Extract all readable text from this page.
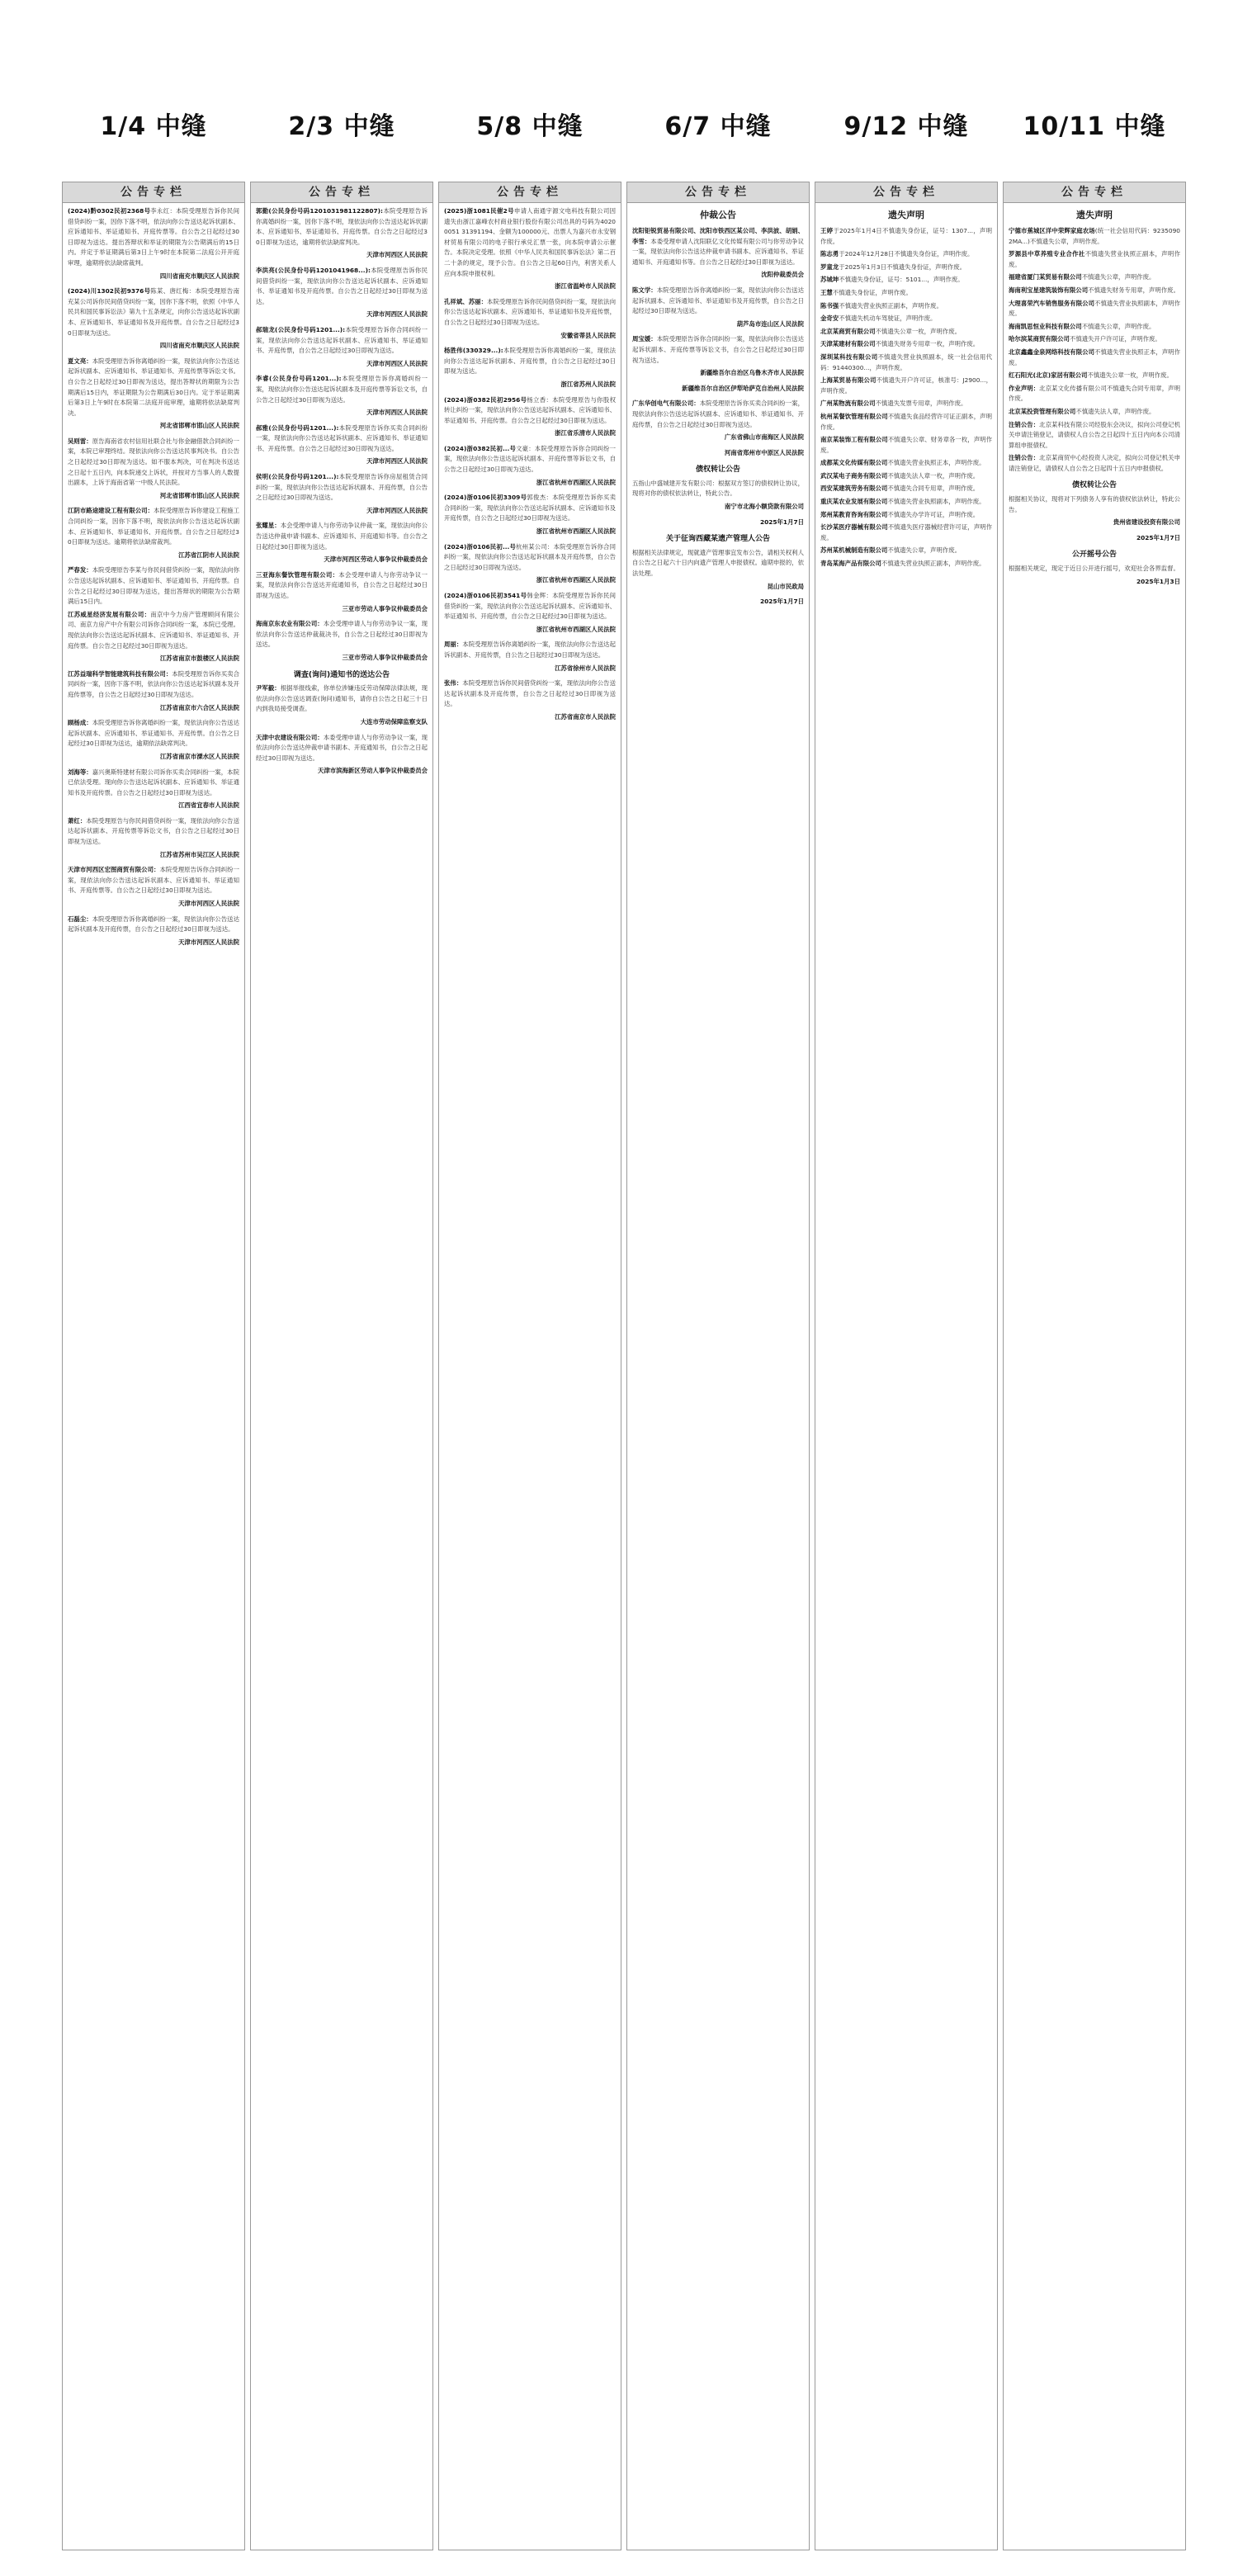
1/4 中缝
公告专栏

(2024)黔0302民初2368号李永红：本院受理原告诉你民间借贷纠纷一案，因你下落不明，依法向你公告送达起诉状副本、应诉通知书、举证通知书、开庭传票等。自公告之日起经过30日即视为送达。提出答辩状和举证的期限为公告期满后的15日内。并定于举证期满后第3日上午9时在本院第二法庭公开开庭审理，逾期将依法缺席裁判。

四川省南充市顺庆区人民法院

(2024)川1302民初9376号陈某、唐红梅：本院受理原告南充某公司诉你民间借贷纠纷一案，因你下落不明，依照《中华人民共和国民事诉讼法》第九十五条规定，向你公告送达起诉状副本、应诉通知书、举证通知书及开庭传票。自公告之日起经过30日即视为送达。

四川省南充市顺庆区人民法院

夏文亮：本院受理原告诉你离婚纠纷一案，现依法向你公告送达起诉状副本、应诉通知书、举证通知书、开庭传票等诉讼文书。自公告之日起经过30日即视为送达，提出答辩状的期限为公告期满后15日内，举证期限为公告期满后30日内。定于举证期满后第3日上午9时在本院第二法庭开庭审理，逾期将依法缺席判决。

河北省邯郸市邯山区人民法院

吴则雷：原告海南省农村信用社联合社与你金融借款合同纠纷一案，本院已审理终结。现依法向你公告送达民事判决书。自公告之日起经过30日即视为送达。如不服本判决，可在判决书送达之日起十五日内，向本院递交上诉状，并按对方当事人的人数提出副本，上诉于海南省第一中级人民法院。

河北省邯郸市邯山区人民法院

江阴市路途建设工程有限公司：本院受理原告诉你建设工程施工合同纠纷一案，因你下落不明，现依法向你公告送达起诉状副本、应诉通知书、举证通知书、开庭传票。自公告之日起经过30日即视为送达。逾期将依法缺席裁判。

江苏省江阴市人民法院

严春发：本院受理原告李某与你民间借贷纠纷一案，现依法向你公告送达起诉状副本、应诉通知书、举证通知书、开庭传票。自公告之日起经过30日即视为送达，提出答辩状的期限为公告期满后15日内。

江苏威星经济发展有限公司：南京中今力房产管理顾问有限公司、南京力房产中介有限公司诉你合同纠纷一案，本院已受理。现依法向你公告送达起诉状副本、应诉通知书、举证通知书、开庭传票。自公告之日起经过30日即视为送达。

江苏省南京市鼓楼区人民法院

江苏益瑞科学智能建筑科技有限公司：本院受理原告诉你买卖合同纠纷一案，因你下落不明，依法向你公告送达起诉状副本及开庭传票等，自公告之日起经过30日即视为送达。

江苏省南京市六合区人民法院

顾杨成：本院受理原告诉你离婚纠纷一案，现依法向你公告送达起诉状副本、应诉通知书、举证通知书、开庭传票。自公告之日起经过30日即视为送达，逾期依法缺席判决。

江苏省南京市溧水区人民法院

刘海等：嘉兴奥斯特建材有限公司诉你买卖合同纠纷一案，本院已依法受理。现向你公告送达起诉状副本、应诉通知书、举证通知书及开庭传票。自公告之日起经过30日即视为送达。

江西省宜春市人民法院

萧红：本院受理原告与你民间借贷纠纷一案，现依法向你公告送达起诉状副本、开庭传票等诉讼文书，自公告之日起经过30日即视为送达。

江苏省苏州市吴江区人民法院

天津市河西区宏图商贸有限公司：本院受理原告诉你合同纠纷一案，现依法向你公告送达起诉状副本、应诉通知书、举证通知书、开庭传票等。自公告之日起经过30日即视为送达。

天津市河西区人民法院

石磊尘：本院受理原告诉你离婚纠纷一案，现依法向你公告送达起诉状副本及开庭传票，自公告之日起经过30日即视为送达。

天津市河西区人民法院

2/3 中缝
公告专栏

郭勤(公民身份号码1201031981122807):本院受理原告诉你离婚纠纷一案，因你下落不明，现依法向你公告送达起诉状副本、应诉通知书、举证通知书、开庭传票。自公告之日起经过30日即视为送达，逾期将依法缺席判决。

天津市河西区人民法院

李洪亮(公民身份号码1201041968...):本院受理原告诉你民间借贷纠纷一案，现依法向你公告送达起诉状副本、应诉通知书、举证通知书及开庭传票。自公告之日起经过30日即视为送达。

天津市河西区人民法院

郝瑞龙(公民身份号码1201...):本院受理原告诉你合同纠纷一案，现依法向你公告送达起诉状副本、应诉通知书、举证通知书、开庭传票，自公告之日起经过30日即视为送达。

天津市河西区人民法院

李睿(公民身份号码1201...):本院受理原告诉你离婚纠纷一案，现依法向你公告送达起诉状副本及开庭传票等诉讼文书，自公告之日起经过30日即视为送达。

天津市河西区人民法院

郝雅(公民身份号码1201...):本院受理原告诉你买卖合同纠纷一案，现依法向你公告送达起诉状副本、应诉通知书、举证通知书、开庭传票。自公告之日起经过30日即视为送达。

天津市河西区人民法院

侯明(公民身份号码1201...):本院受理原告诉你房屋租赁合同纠纷一案，现依法向你公告送达起诉状副本、开庭传票，自公告之日起经过30日即视为送达。

天津市河西区人民法院

张耀星：本会受理申请人与你劳动争议仲裁一案，现依法向你公告送达仲裁申请书副本、应诉通知书、开庭通知书等。自公告之日起经过30日即视为送达。

天津市河西区劳动人事争议仲裁委员会

三亚海东餐饮管理有限公司：本会受理申请人与你劳动争议一案，现依法向你公告送达开庭通知书，自公告之日起经过30日即视为送达。

三亚市劳动人事争议仲裁委员会

海南京东农业有限公司：本会受理申请人与你劳动争议一案，现依法向你公告送达仲裁裁决书，自公告之日起经过30日即视为送达。

三亚市劳动人事争议仲裁委员会

调查(询问)通知书的送达公告

尹军毅：根据举报线索，你单位涉嫌违反劳动保障法律法规，现依法向你公告送达调查(询问)通知书，请你自公告之日起三十日内到我局接受调查。

大连市劳动保障监察支队

天津中农建设有限公司：本委受理申请人与你劳动争议一案，现依法向你公告送达仲裁申请书副本、开庭通知书，自公告之日起经过30日即视为送达。

天津市滨海新区劳动人事争议仲裁委员会

5/8 中缝
公告专栏

(2025)浙1081民催2号申请人南通宇源文电科技有限公司因遗失由浙江嘉峰农村商业银行股份有限公司出具的号码为40200051 31391194、金额为100000元、出票人为嘉兴市永安钢材贸易有限公司的电子银行承兑汇票一张，向本院申请公示催告。本院决定受理。依照《中华人民共和国民事诉讼法》第二百二十条的规定，现予公告。自公告之日起60日内，利害关系人应向本院申报权利。

浙江省温岭市人民法院

孔祥斌、苏丽：本院受理原告诉你民间借贷纠纷一案，现依法向你公告送达起诉状副本、应诉通知书、举证通知书及开庭传票，自公告之日起经过30日即视为送达。

安徽省蒂县人民法院

杨胜伟(330329...):本院受理原告诉你离婚纠纷一案，现依法向你公告送达起诉状副本、开庭传票，自公告之日起经过30日即视为送达。

浙江省苏州人民法院

(2024)浙0382民初2956号杨立香：本院受理原告与你股权转让纠纷一案，现依法向你公告送达起诉状副本、应诉通知书、举证通知书、开庭传票。自公告之日起经过30日即视为送达。

浙江省乐清市人民法院

(2024)浙0382民初...号文豪：本院受理原告诉你合同纠纷一案，现依法向你公告送达起诉状副本、开庭传票等诉讼文书，自公告之日起经过30日即视为送达。

浙江省杭州市西湖区人民法院

(2024)浙0106民初3309号郭俊杰：本院受理原告诉你买卖合同纠纷一案，现依法向你公告送达起诉状副本、应诉通知书及开庭传票，自公告之日起经过30日即视为送达。

浙江省杭州市西湖区人民法院

(2024)浙0106民初...号杭州某公司：本院受理原告诉你合同纠纷一案，现依法向你公告送达起诉状副本及开庭传票，自公告之日起经过30日即视为送达。

浙江省杭州市西湖区人民法院

(2024)浙0106民初3541号韩金辉：本院受理原告诉你民间借贷纠纷一案，现依法向你公告送达起诉状副本、应诉通知书、举证通知书、开庭传票，自公告之日起经过30日即视为送达。

浙江省杭州市西湖区人民法院

周丽：本院受理原告诉你离婚纠纷一案，现依法向你公告送达起诉状副本、开庭传票，自公告之日起经过30日即视为送达。

江苏省徐州市人民法院

张伟：本院受理原告诉你民间借贷纠纷一案，现依法向你公告送达起诉状副本及开庭传票，自公告之日起经过30日即视为送达。

江苏省南京市人民法院

6/7 中缝
公告专栏
仲裁公告

沈阳钜锐贸易有限公司、沈阳市铁西区某公司、李洪波、胡娟、李雪：本委受理申请人沈阳联亿文化传媒有限公司与你劳动争议一案，现依法向你公告送达仲裁申请书副本、应诉通知书、举证通知书、开庭通知书等。自公告之日起经过30日即视为送达。

沈阳仲裁委员会

陈文学：本院受理原告诉你离婚纠纷一案，现依法向你公告送达起诉状副本、应诉通知书、举证通知书及开庭传票，自公告之日起经过30日即视为送达。

葫芦岛市连山区人民法院

周宝媛：本院受理原告诉你合同纠纷一案，现依法向你公告送达起诉状副本、开庭传票等诉讼文书，自公告之日起经过30日即视为送达。

新疆维吾尔自治区乌鲁木齐市人民法院

新疆维吾尔自治区伊犁哈萨克自治州人民法院

广东华创电气有限公司：本院受理原告诉你买卖合同纠纷一案，现依法向你公告送达起诉状副本、应诉通知书、举证通知书、开庭传票，自公告之日起经过30日即视为送达。

广东省佛山市南海区人民法院

河南省郑州市中原区人民法院

债权转让公告

五指山中盛城建开发有限公司：根据双方签订的债权转让协议，现将对你的债权依法转让，特此公告。

南宁市北海小额贷款有限公司

2025年1月7日

关于征询西藏某遗产管理人公告

根据相关法律规定，现就遗产管理事宜发布公告，请相关权利人自公告之日起六十日内向遗产管理人申报债权。逾期申报的，依法处理。

昆山市民政局

2025年1月7日

9/12 中缝
公告专栏
遗失声明

王婷于2025年1月4日不慎遗失身份证，证号：1307...，声明作废。

陈志勇于2024年12月28日不慎遗失身份证，声明作废。

罗童龙于2025年1月3日不慎遗失身份证，声明作废。

苏城坤不慎遗失身份证，证号：5101...，声明作废。

王慧不慎遗失身份证，声明作废。

陈书强不慎遗失营业执照正副本，声明作废。

金奇安不慎遗失机动车驾驶证，声明作废。

北京某商贸有限公司不慎遗失公章一枚，声明作废。

天津某建材有限公司不慎遗失财务专用章一枚，声明作废。

深圳某科技有限公司不慎遗失营业执照副本，统一社会信用代码：91440300...，声明作废。

上海某贸易有限公司不慎遗失开户许可证，核准号：J2900...，声明作废。

广州某物流有限公司不慎遗失发票专用章，声明作废。

杭州某餐饮管理有限公司不慎遗失食品经营许可证正副本，声明作废。

南京某装饰工程有限公司不慎遗失公章、财务章各一枚，声明作废。

成都某文化传媒有限公司不慎遗失营业执照正本，声明作废。

武汉某电子商务有限公司不慎遗失法人章一枚，声明作废。

西安某建筑劳务有限公司不慎遗失合同专用章，声明作废。

重庆某农业发展有限公司不慎遗失营业执照副本，声明作废。

郑州某教育咨询有限公司不慎遗失办学许可证，声明作废。

长沙某医疗器械有限公司不慎遗失医疗器械经营许可证，声明作废。

苏州某机械制造有限公司不慎遗失公章，声明作废。

青岛某海产品有限公司不慎遗失营业执照正副本，声明作废。

10/11 中缝
公告专栏
遗失声明

宁德市蕉城区洋中荣辉家庭农场(统一社会信用代码：92350902MA...)不慎遗失公章，声明作废。

罗源县中草养殖专业合作社不慎遗失营业执照正副本，声明作废。

福建省厦门某贸易有限公司不慎遗失公章，声明作废。

海南利宝星建筑装饰有限公司不慎遗失财务专用章，声明作废。

大理喜荣汽车销售服务有限公司不慎遗失营业执照副本，声明作废。

海南凯思恒业科技有限公司不慎遗失公章，声明作废。

哈尔滨某商贸有限公司不慎遗失开户许可证，声明作废。

北京鑫鑫金泉网络科技有限公司不慎遗失营业执照正本，声明作废。

红石阳光(北京)家居有限公司不慎遗失公章一枚，声明作废。

作业声明：北京某文化传播有限公司不慎遗失合同专用章，声明作废。

北京某投资管理有限公司不慎遗失法人章，声明作废。

注销公告：北京某科技有限公司经股东会决议，拟向公司登记机关申请注销登记，请债权人自公告之日起四十五日内向本公司清算组申报债权。

注销公告：北京某商贸中心经投资人决定，拟向公司登记机关申请注销登记，请债权人自公告之日起四十五日内申报债权。

债权转让公告

根据相关协议，现将对下列债务人享有的债权依法转让，特此公告。

贵州省建设投资有限公司

2025年1月7日

公开摇号公告

根据相关规定，现定于近日公开进行摇号，欢迎社会各界监督。

2025年1月3日
